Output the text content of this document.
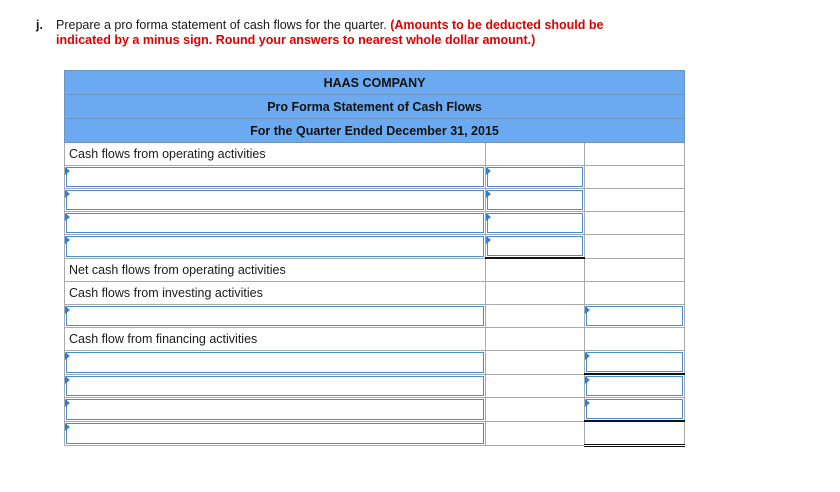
j. Prepare a pro forma statement of cash flows for the quarter. (Amounts to be deducted should be
indicated by a minus sign. Round your answers to nearest whole dollar amount.)
HAAS COMPANY		
Pro Forma Statement of Cash Flows		
For the Quarter Ended December 31, 2015		
Cash flows from operating activities		

Net cash flows from operating activities		
Cash flows from investing activities		

Cash flow from financing activities		
